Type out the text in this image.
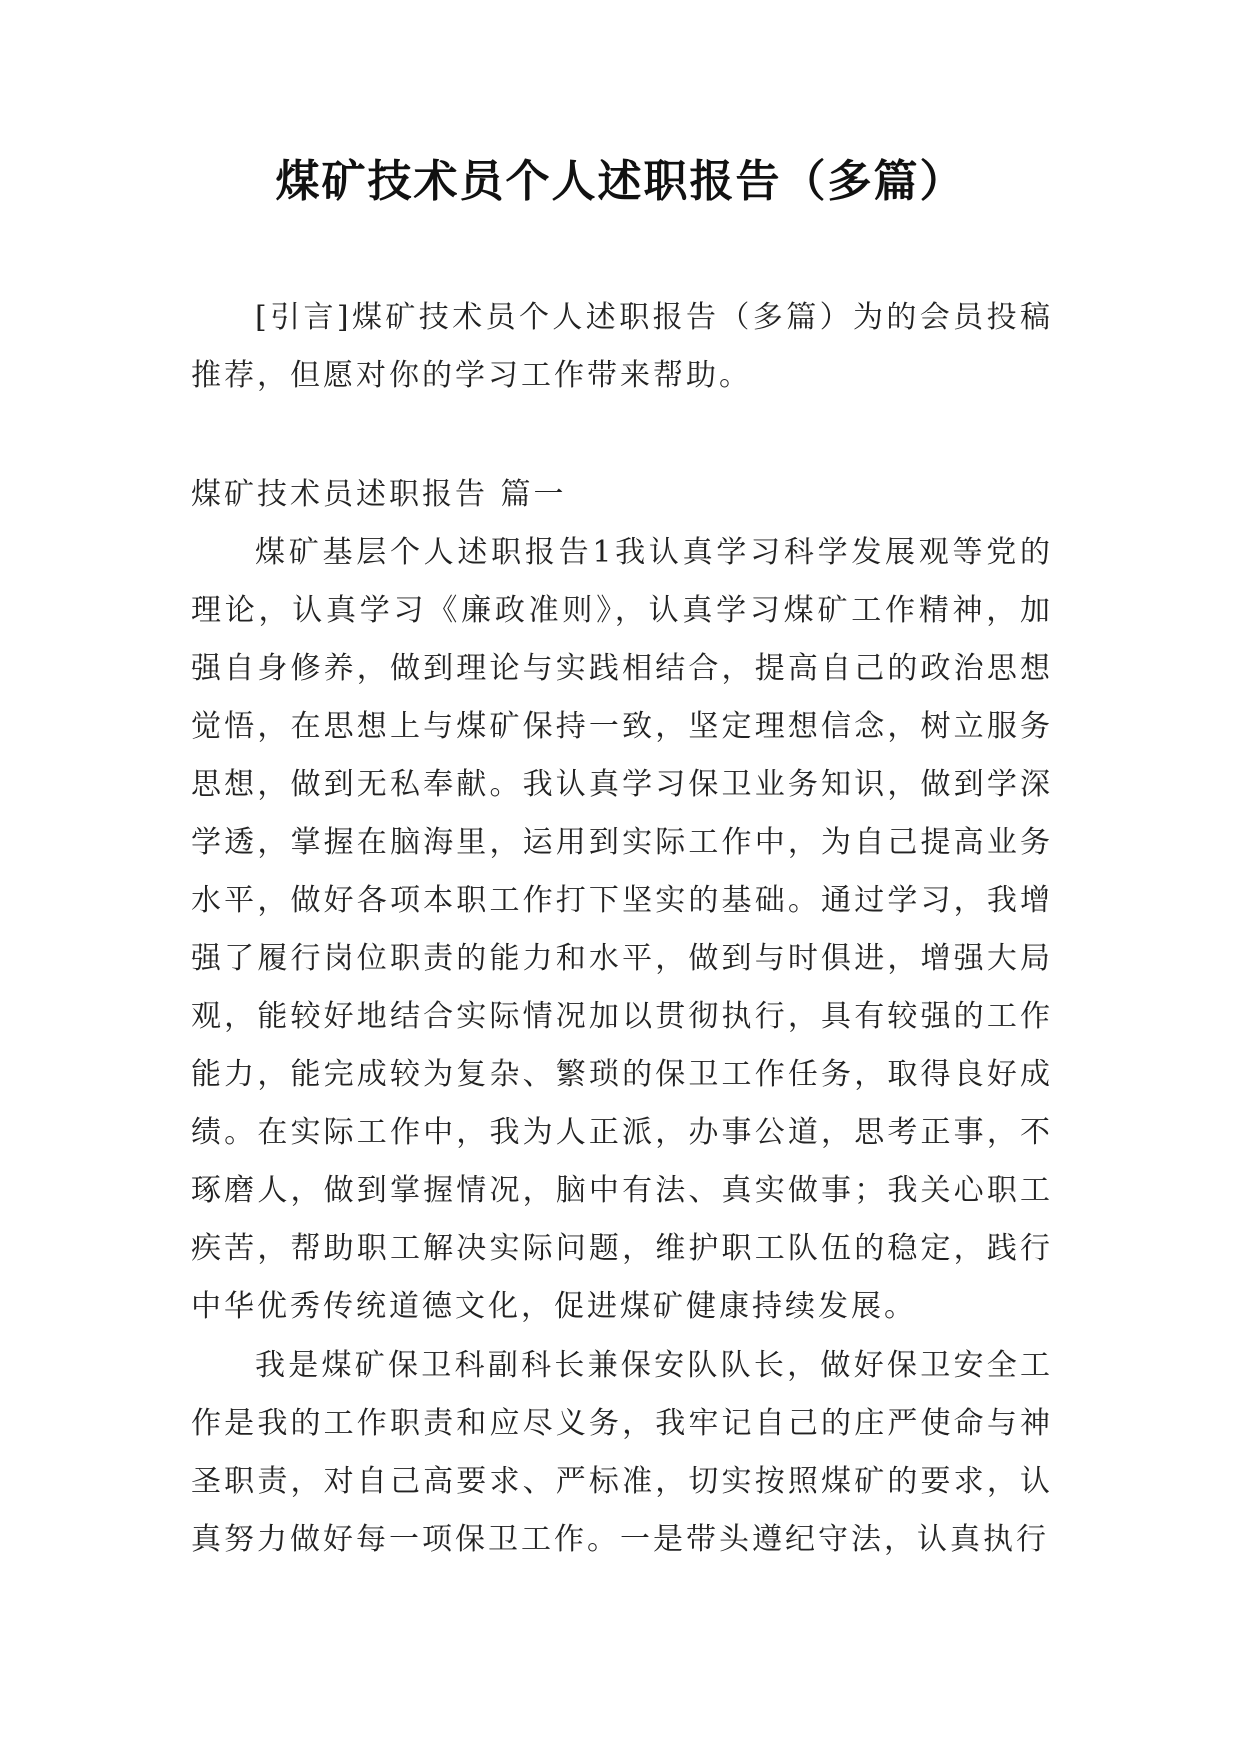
煤矿技术员个人述职报告（多篇）

[引言]煤矿技术员个人述职报告（多篇）为的会员投稿推荐，但愿对你的学习工作带来帮助。

煤矿技术员述职报告 篇一

煤矿基层个人述职报告1我认真学习科学发展观等党的理论，认真学习《廉政准则》，认真学习煤矿工作精神，加强自身修养，做到理论与实践相结合，提高自己的政治思想觉悟，在思想上与煤矿保持一致，坚定理想信念，树立服务思想，做到无私奉献。我认真学习保卫业务知识，做到学深学透，掌握在脑海里，运用到实际工作中，为自己提高业务水平，做好各项本职工作打下坚实的基础。通过学习，我增强了履行岗位职责的能力和水平，做到与时俱进，增强大局观，能较好地结合实际情况加以贯彻执行，具有较强的工作能力，能完成较为复杂、繁琐的保卫工作任务，取得良好成绩。在实际工作中，我为人正派，办事公道，思考正事，不琢磨人，做到掌握情况，脑中有法、真实做事；我关心职工疾苦，帮助职工解决实际问题，维护职工队伍的稳定，践行中华优秀传统道德文化，促进煤矿健康持续发展。

我是煤矿保卫科副科长兼保安队队长，做好保卫安全工作是我的工作职责和应尽义务，我牢记自己的庄严使命与神圣职责，对自己高要求、严标准，切实按照煤矿的要求，认真努力做好每一项保卫工作。一是带头遵纪守法，认真执行
